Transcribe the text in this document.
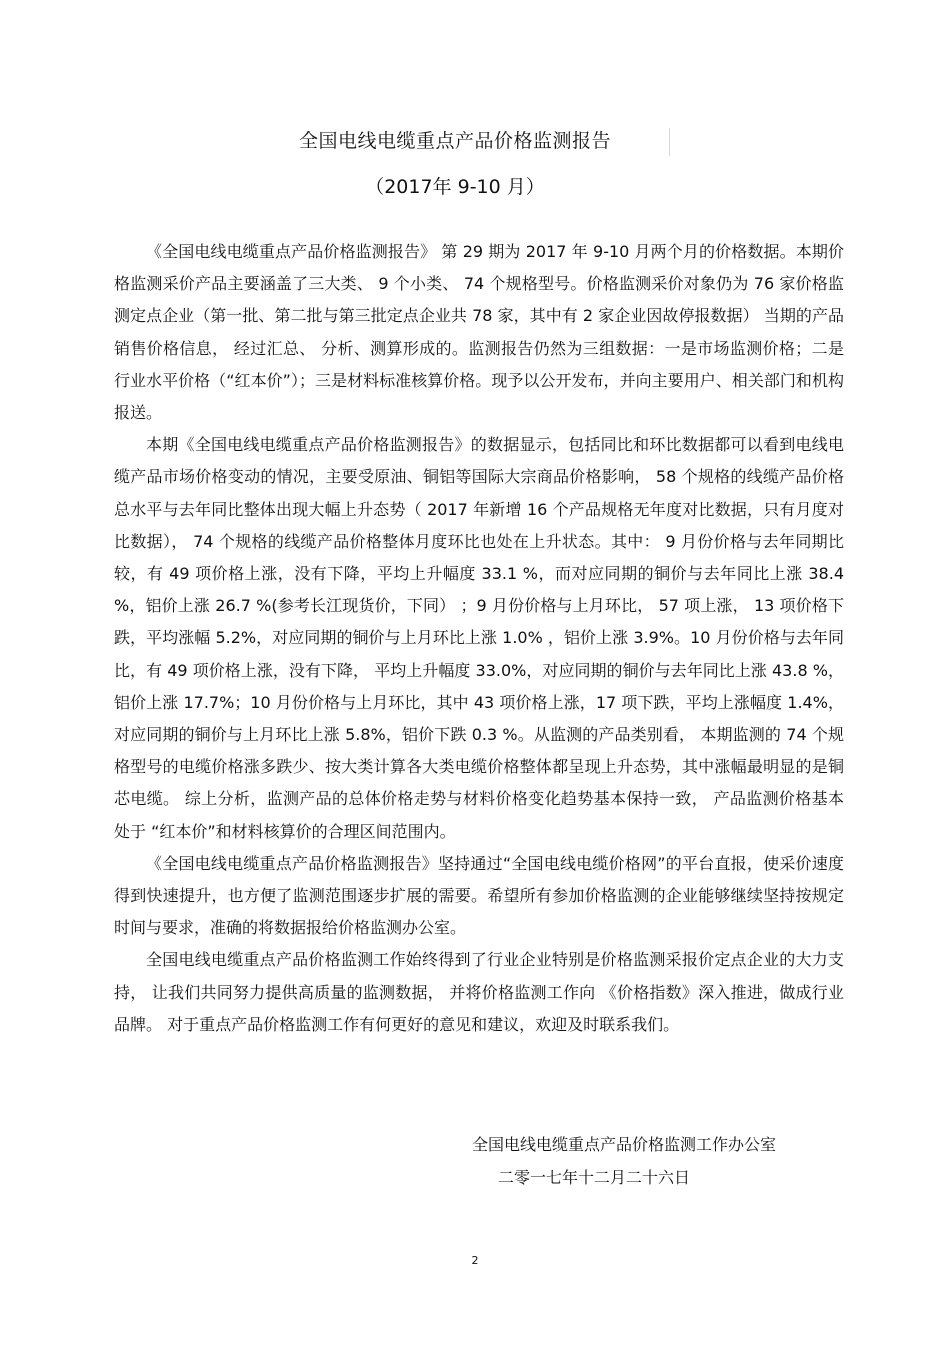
全国电线电缆重点产品价格监测报告
（2017年 9-10 月）

《全国电线电缆重点产品价格监测报告》 第 29 期为 2017 年 9-10 月两个月的价格数据。本期价格监测采价产品主要涵盖了三大类、 9 个小类、 74 个规格型号。价格监测采价对象仍为 76 家价格监测定点企业（第一批、第二批与第三批定点企业共 78 家，其中有 2 家企业因故停报数据） 当期的产品销售价格信息， 经过汇总、 分析、测算形成的。监测报告仍然为三组数据：一是市场监测价格；二是行业水平价格（“红本价”）；三是材料标准核算价格。现予以公开发布，并向主要用户、相关部门和机构报送。

本期《全国电线电缆重点产品价格监测报告》的数据显示，包括同比和环比数据都可以看到电线电缆产品市场价格变动的情况，主要受原油、铜铝等国际大宗商品价格影响， 58 个规格的线缆产品价格总水平与去年同比整体出现大幅上升态势（ 2017 年新增 16 个产品规格无年度对比数据，只有月度对比数据）， 74 个规格的线缆产品价格整体月度环比也处在上升状态。其中： 9 月份价格与去年同期比较，有 49 项价格上涨，没有下降，平均上升幅度 33.1 %，而对应同期的铜价与去年同比上涨 38.4 %，铝价上涨 26.7 %(参考长江现货价，下同） ；9 月份价格与上月环比， 57 项上涨， 13 项价格下跌，平均涨幅 5.2%，对应同期的铜价与上月环比上涨 1.0% ，铝价上涨 3.9%。10 月份价格与去年同比，有 49 项价格上涨，没有下降， 平均上升幅度 33.0%，对应同期的铜价与去年同比上涨 43.8 %，铝价上涨 17.7%；10 月份价格与上月环比，其中 43 项价格上涨，17 项下跌，平均上涨幅度 1.4%，对应同期的铜价与上月环比上涨 5.8%，铝价下跌 0.3 %。从监测的产品类别看， 本期监测的 74 个规格型号的电缆价格涨多跌少、按大类计算各大类电缆价格整体都呈现上升态势，其中涨幅最明显的是铜芯电缆。 综上分析，监测产品的总体价格走势与材料价格变化趋势基本保持一致， 产品监测价格基本处于 “红本价”和材料核算价的合理区间范围内。

《全国电线电缆重点产品价格监测报告》坚持通过“全国电线电缆价格网”的平台直报，使采价速度得到快速提升，也方便了监测范围逐步扩展的需要。希望所有参加价格监测的企业能够继续坚持按规定时间与要求，准确的将数据报给价格监测办公室。

全国电线电缆重点产品价格监测工作始终得到了行业企业特别是价格监测采报价定点企业的大力支持， 让我们共同努力提供高质量的监测数据， 并将价格监测工作向 《价格指数》深入推进，做成行业品牌。 对于重点产品价格监测工作有何更好的意见和建议，欢迎及时联系我们。

全国电线电缆重点产品价格监测工作办公室
二零一七年十二月二十六日
2
